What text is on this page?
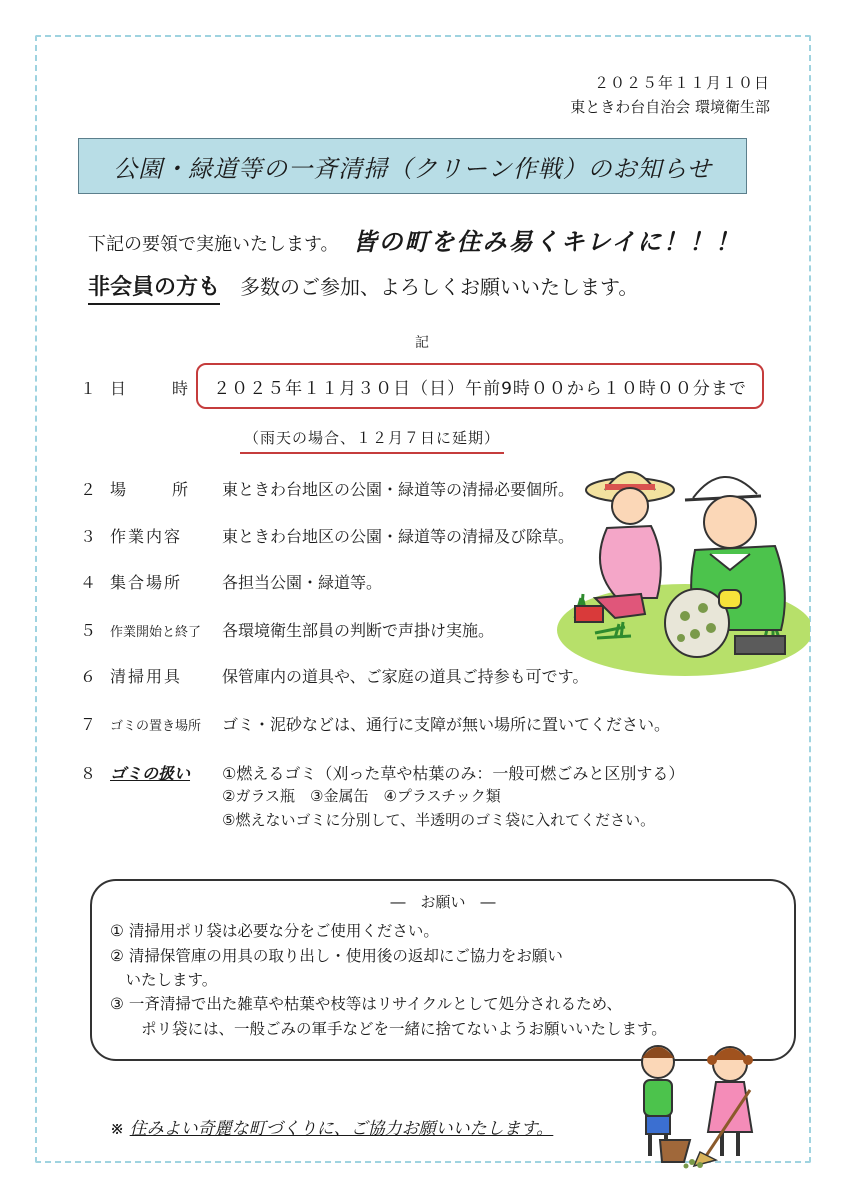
２０２５年１１月１０日
東ときわ台自治会 環境衛生部
公園・緑道等の一斉清掃（クリーン作戦）のお知らせ
下記の要領で実施いたします。 皆の町を住み易くキレイに！！！
非会員の方も 多数のご参加、よろしくお願いいたします。
記
１ 日	時	２０２５年１１月３０日（日）午前9時００から１０時００分まで
（雨天の場合、１２月７日に延期）
２ 場	所 東ときわ台地区の公園・緑道等の清掃必要個所。
３ 作業内容 東ときわ台地区の公園・緑道等の清掃及び除草。
４ 集合場所 各担当公園・緑道等。
５ 作業開始と終了 各環境衛生部員の判断で声掛け実施。
６ 清掃用具 保管庫内の道具や、ご家庭の道具ご持参も可です。
７ ゴミの置き場所 ゴミ・泥砂などは、通行に支障が無い場所に置いてください。
８ ゴミの扱い ①燃えるゴミ（刈った草や枯葉のみ：一般可燃ごみと区別する）
②ガラス瓶　③金属缶　④プラスチック類
⑤燃えないゴミに分別して、半透明のゴミ袋に入れてください。
―　お願い　―
① 清掃用ポリ袋は必要な分をご使用ください。
② 清掃保管庫の用具の取り出し・使用後の返却にご協力をお願い
　いたします。
③ 一斉清掃で出た雑草や枯葉や枝等はリサイクルとして処分されるため、
　　ポリ袋には、一般ごみの軍手などを一緒に捨てないようお願いいたします。
※ 住みよい奇麗な町づくりに、ご協力お願いいたします。
